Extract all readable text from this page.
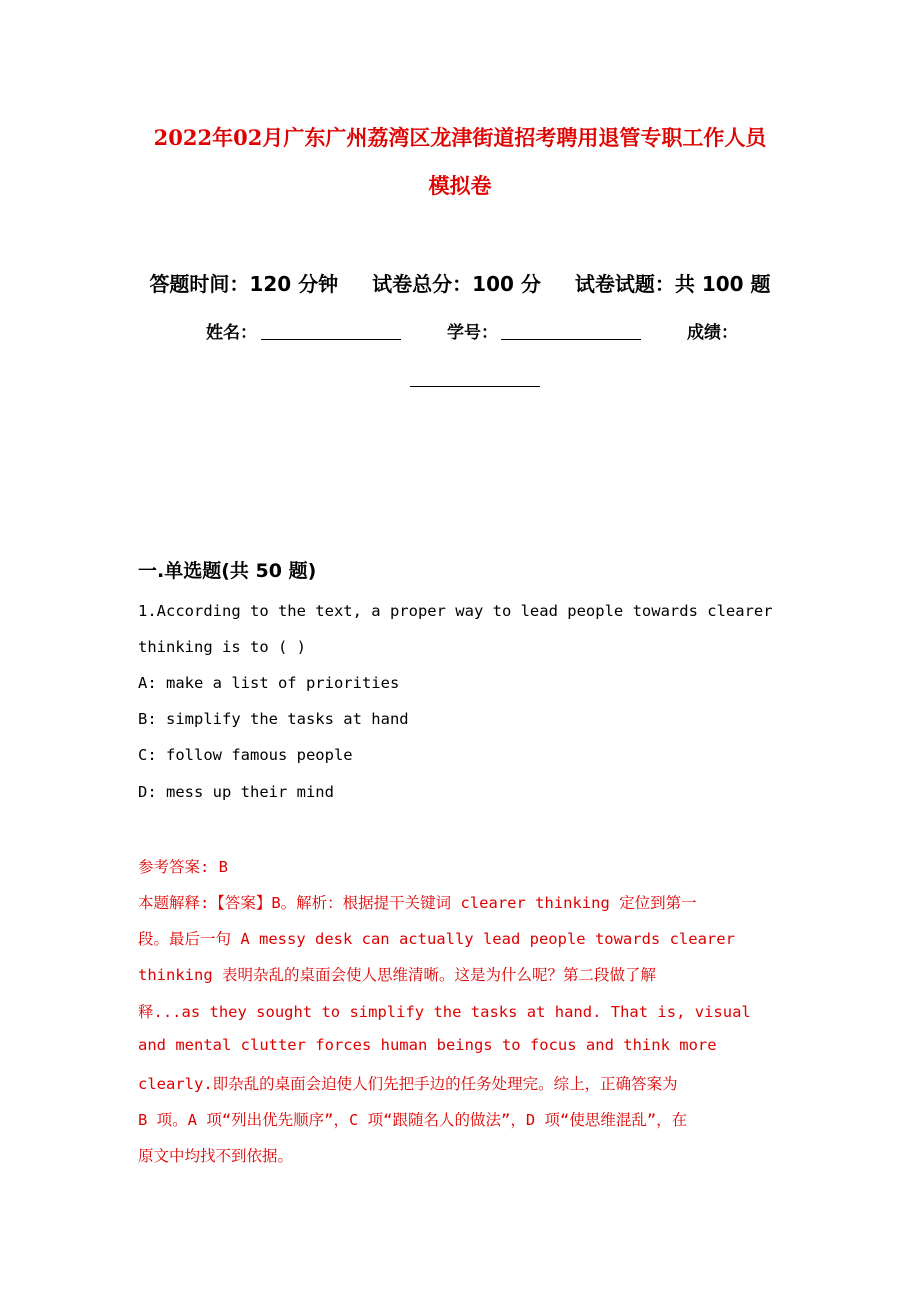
2022年02月广东广州荔湾区龙津街道招考聘用退管专职工作人员
模拟卷
答题时间：120 分钟 试卷总分：100 分 试卷试题：共 100 题
姓名：	学号：	成绩：
一.单选题(共 50 题)
1.According to the text, a proper way to lead people towards clearer
thinking is to ( )
A: make a list of priorities
B: simplify the tasks at hand
C: follow famous people
D: mess up their mind
参考答案: B
本题解释:【答案】B。解析：根据提干关键词 clearer thinking 定位到第一
段。最后一句 A messy desk can actually lead people towards clearer
thinking 表明杂乱的桌面会使人思维清晰。这是为什么呢？第二段做了解
释...as they sought to simplify the tasks at hand. That is, visual
and mental clutter forces human beings to focus and think more
clearly.即杂乱的桌面会迫使人们先把手边的任务处理完。综上，正确答案为
B 项。A 项“列出优先顺序”，C 项“跟随名人的做法”，D 项“使思维混乱”，在
原文中均找不到依据。
